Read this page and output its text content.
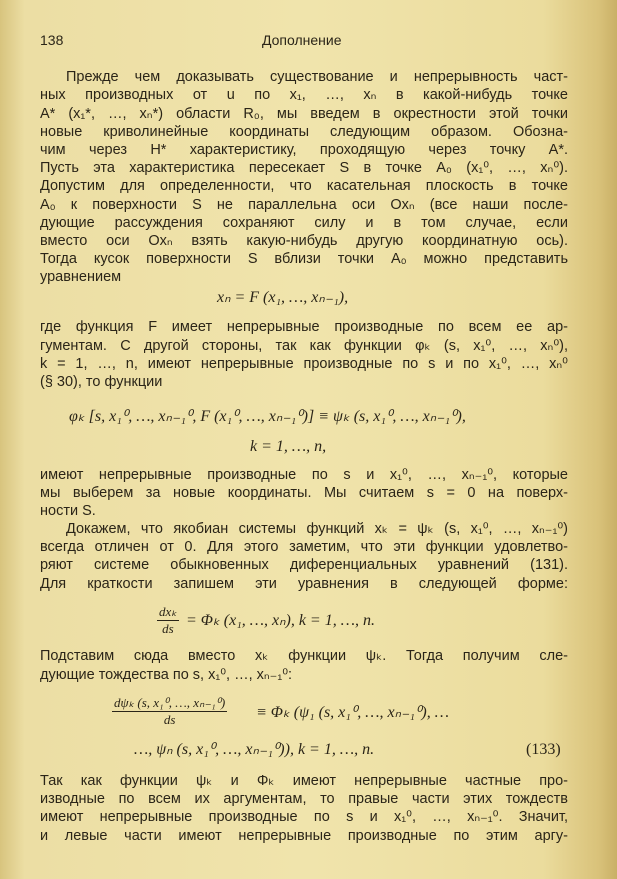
138	Дополнение
Прежде чем доказывать существование и непрерывность част-
ных производных от u по x₁, …, xₙ в какой-нибудь точке
A* (x₁*, …, xₙ*) области R₀, мы введем в окрестности этой точки
новые криволинейные координаты следующим образом. Обозна-
чим через H* характеристику, проходящую через точку A*.
Пусть эта характеристика пересекает S в точке A₀ (x₁⁰, …, xₙ⁰).
Допустим для определенности, что касательная плоскость в точке
A₀ к поверхности S не параллельна оси Oxₙ (все наши после-
дующие рассуждения сохраняют силу и в том случае, если
вместо оси Oxₙ взять какую-нибудь другую координатную ось).
Тогда кусок поверхности S вблизи точки A₀ можно представить
уравнением
xₙ = F (x₁, …, xₙ₋₁),
где функция F имеет непрерывные производные по всем ее ар-
гументам. С другой стороны, так как функции φₖ (s, x₁⁰, …, xₙ⁰),
k = 1, …, n, имеют непрерывные производные по s и по x₁⁰, …, xₙ⁰
(§ 30), то функции
φₖ [s, x₁⁰, …, xₙ₋₁⁰, F (x₁⁰, …, xₙ₋₁⁰)] ≡ ψₖ (s, x₁⁰, …, xₙ₋₁⁰),
k = 1, …, n,
имеют непрерывные производные по s и x₁⁰, …, xₙ₋₁⁰, которые
мы выберем за новые координаты. Мы считаем s = 0 на поверх-
ности S.
Докажем, что якобиан системы функций xₖ = ψₖ (s, x₁⁰, …, xₙ₋₁⁰)
всегда отличен от 0. Для этого заметим, что эти функции удовлетво-
ряют системе обыкновенных диференциальных уравнений (131).
Для краткости запишем эти уравнения в следующей форме:
dxₖ
ds = Φₖ (x₁, …, xₙ), k = 1, …, n.
Подставим сюда вместо xₖ функции ψₖ. Тогда получим сле-
дующие тождества по s, x₁⁰, …, xₙ₋₁⁰:
dψₖ (s, x₁⁰, …, xₙ₋₁⁰)
ds	≡ Φₖ (ψ₁ (s, x₁⁰, …, xₙ₋₁⁰), …
…, ψₙ (s, x₁⁰, …, xₙ₋₁⁰)), k = 1, …, n.	(133)
Так как функции ψₖ и Φₖ имеют непрерывные частные про-
изводные по всем их аргументам, то правые части этих тождеств
имеют непрерывные производные по s и x₁⁰, …, xₙ₋₁⁰. Значит,
и левые части имеют непрерывные производные по этим аргу-
